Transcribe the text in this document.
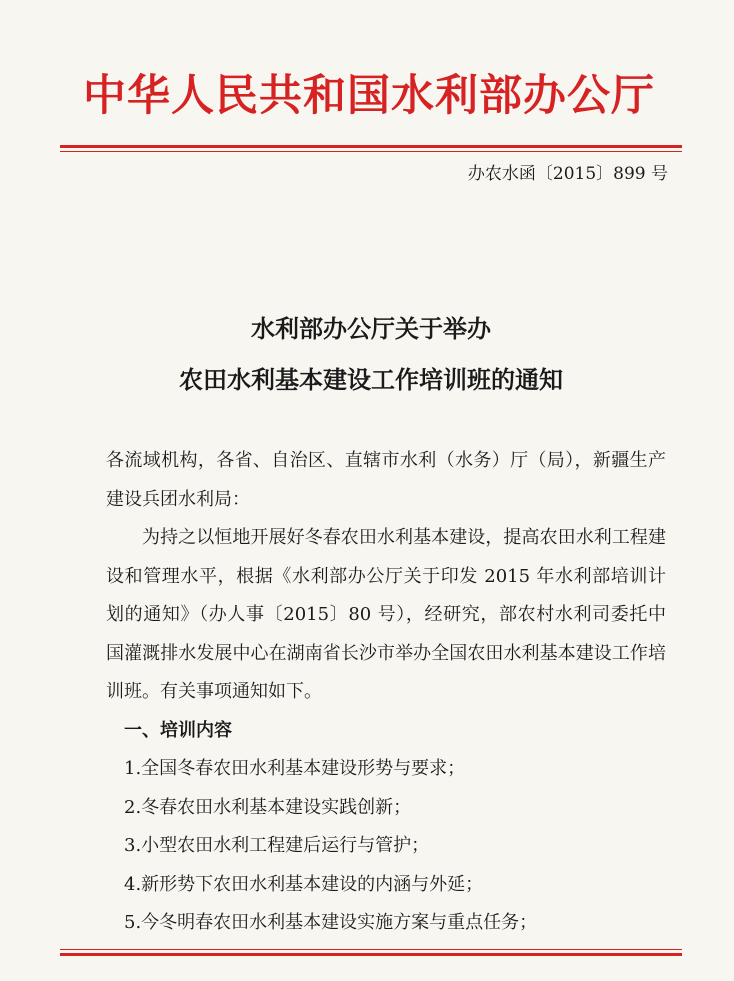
中华人民共和国水利部办公厅
办农水函〔2015〕899 号
水利部办公厅关于举办
农田水利基本建设工作培训班的通知

各流域机构，各省、自治区、直辖市水利（水务）厅（局），新疆生产建设兵团水利局：

为持之以恒地开展好冬春农田水利基本建设，提高农田水利工程建设和管理水平，根据《水利部办公厅关于印发 2015 年水利部培训计划的通知》（办人事〔2015〕80 号），经研究，部农村水利司委托中国灌溉排水发展中心在湖南省长沙市举办全国农田水利基本建设工作培训班。有关事项通知如下。

一、培训内容

1.全国冬春农田水利基本建设形势与要求；

2.冬春农田水利基本建设实践创新；

3.小型农田水利工程建后运行与管护；

4.新形势下农田水利基本建设的内涵与外延；

5.今冬明春农田水利基本建设实施方案与重点任务；
